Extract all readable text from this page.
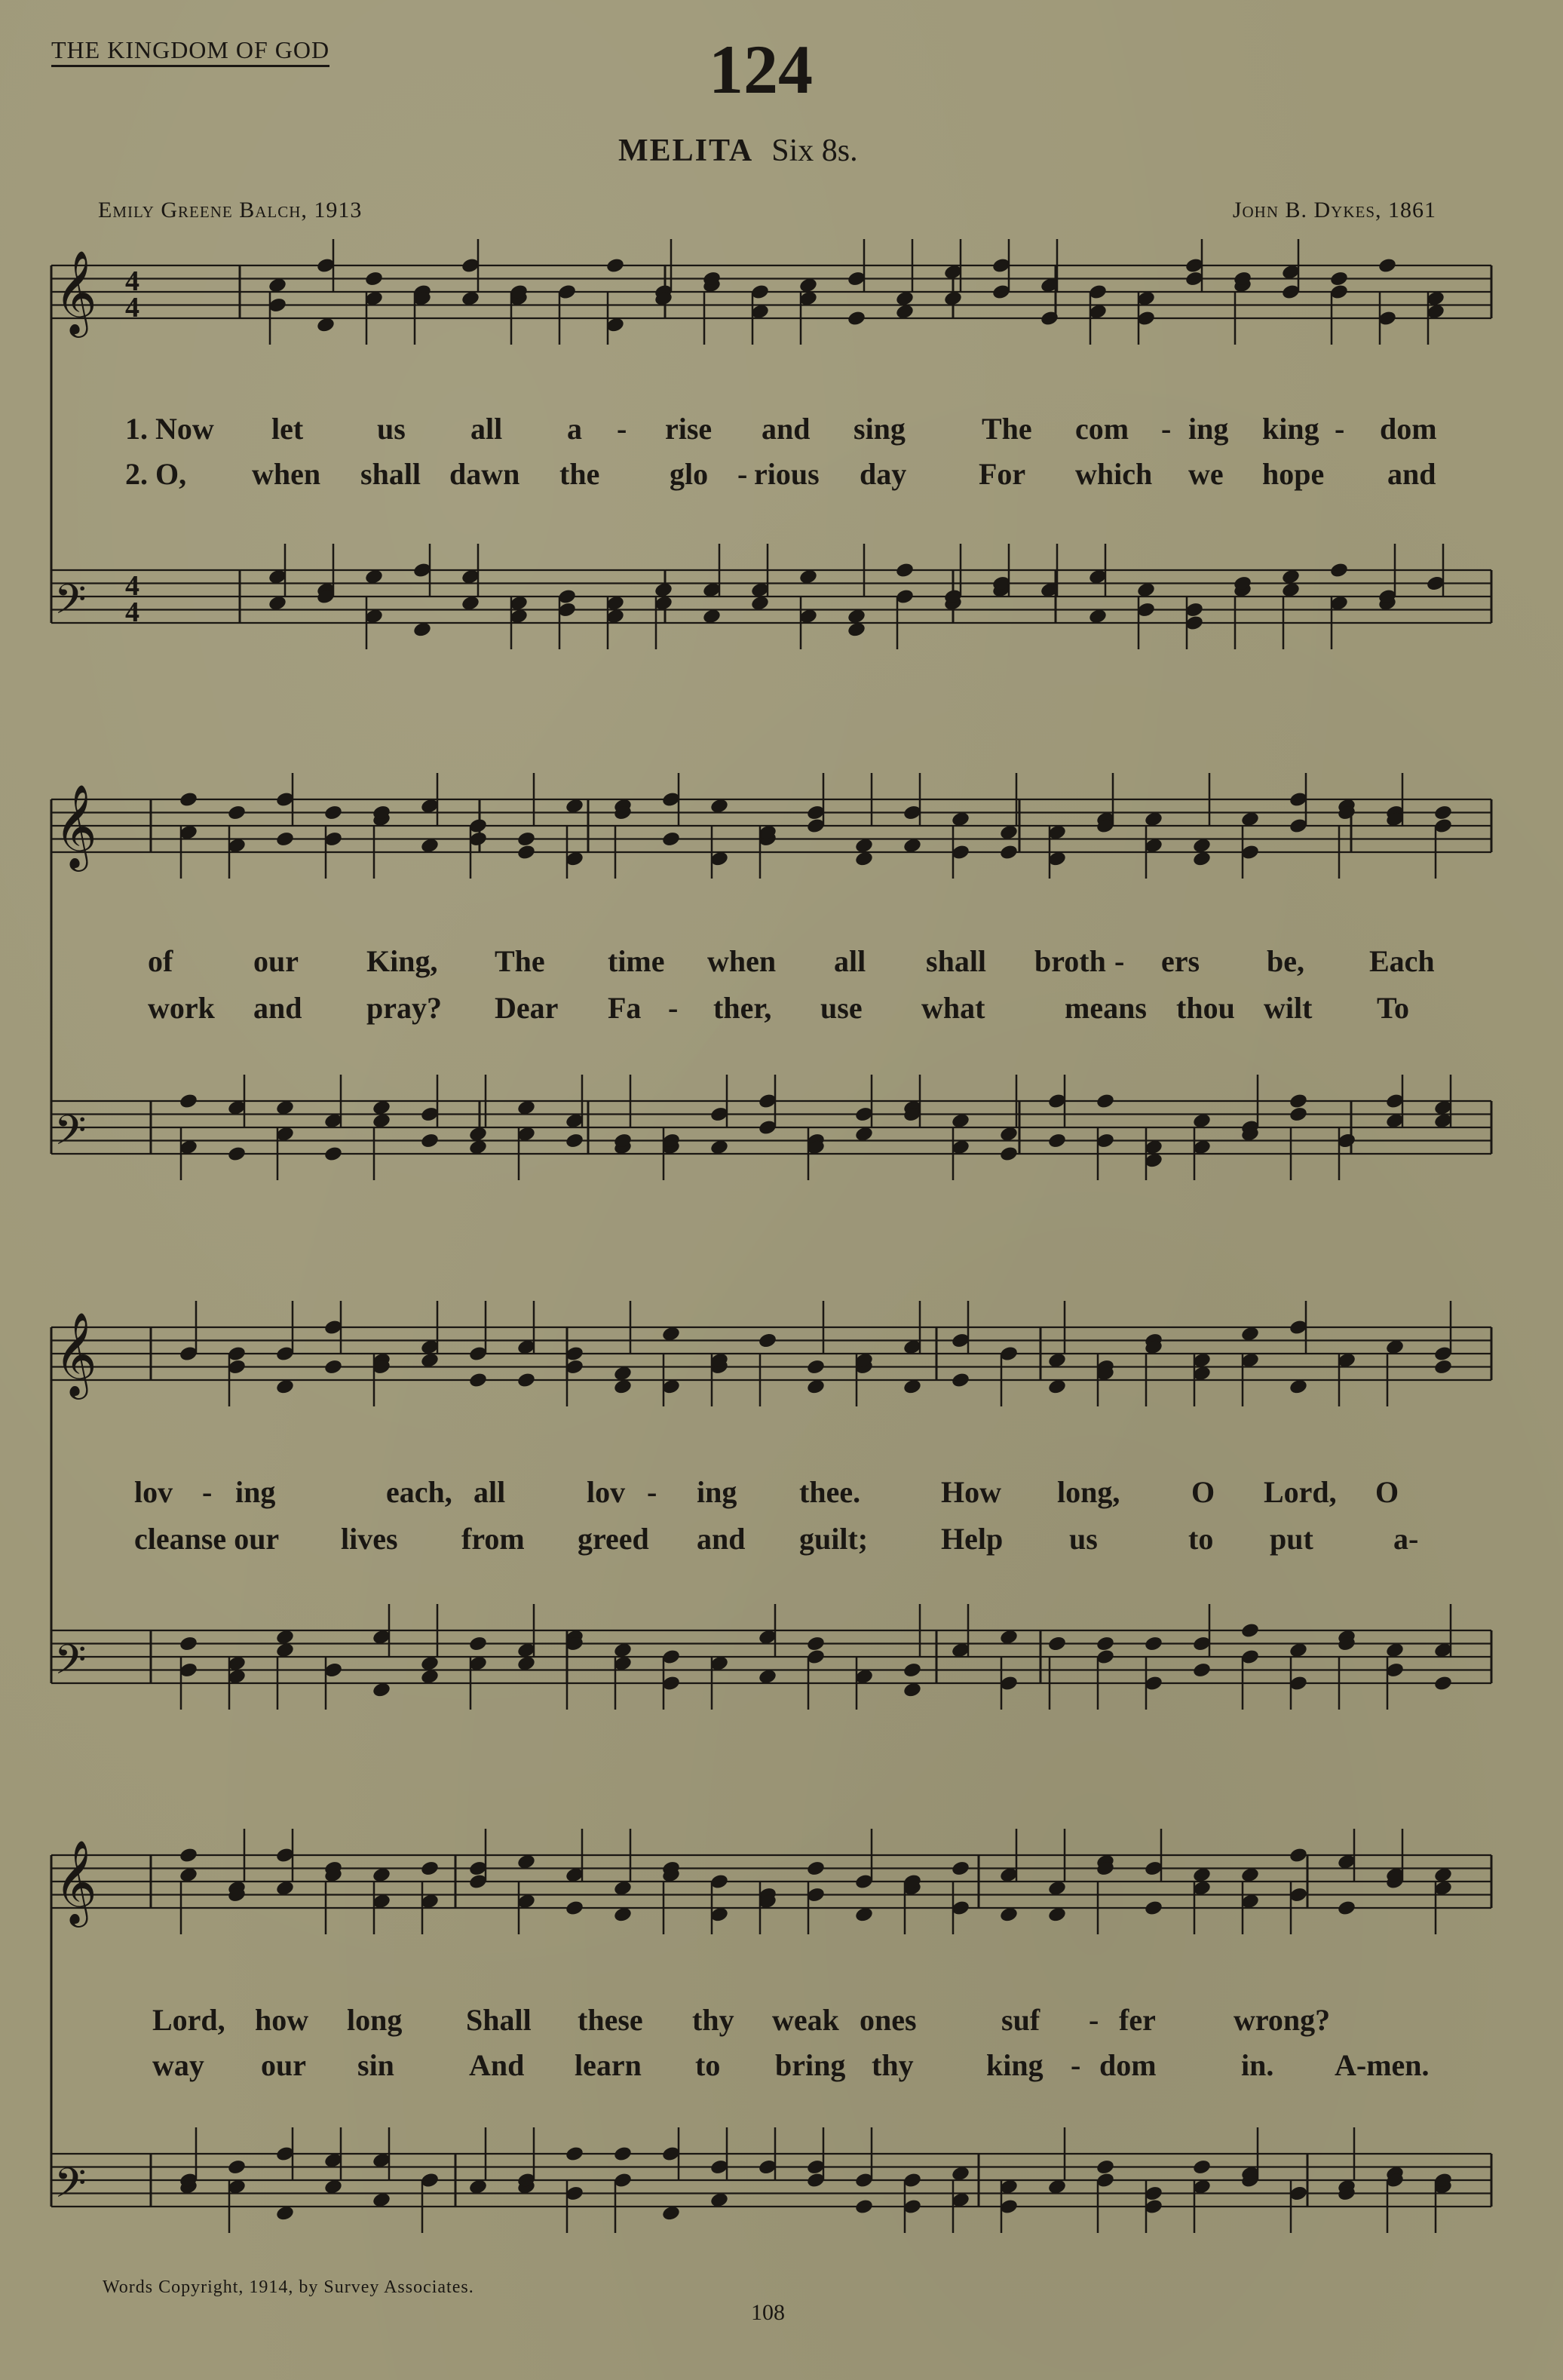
THE KINGDOM OF GOD	124
MELITA Six 8s.
Emily Greene Balch, 1913	John B. Dykes, 1861
𝄞
𝄢
4
4
4
4
𝄞
𝄢
𝄞
𝄢
𝄞
𝄢
1. Now let us all a - rise and sing	The com - ing king - dom
2. O, when shall dawn the glo - rious day For which we hope and
of	our King, The time when all shall broth - ers be, Each
work and pray? Dear Fa - ther, use what	means thou wilt To
lov - ing	each, all	lov - ing thee.	How long, O Lord, O
cleanse our lives from greed and guilt; Help us	to put	a-
Lord, how long Shall these thy weak ones	suf - fer	wrong?
way our sin And learn to bring thy king - dom	in. A-men.
Words Copyright, 1914, by Survey Associates.
108
